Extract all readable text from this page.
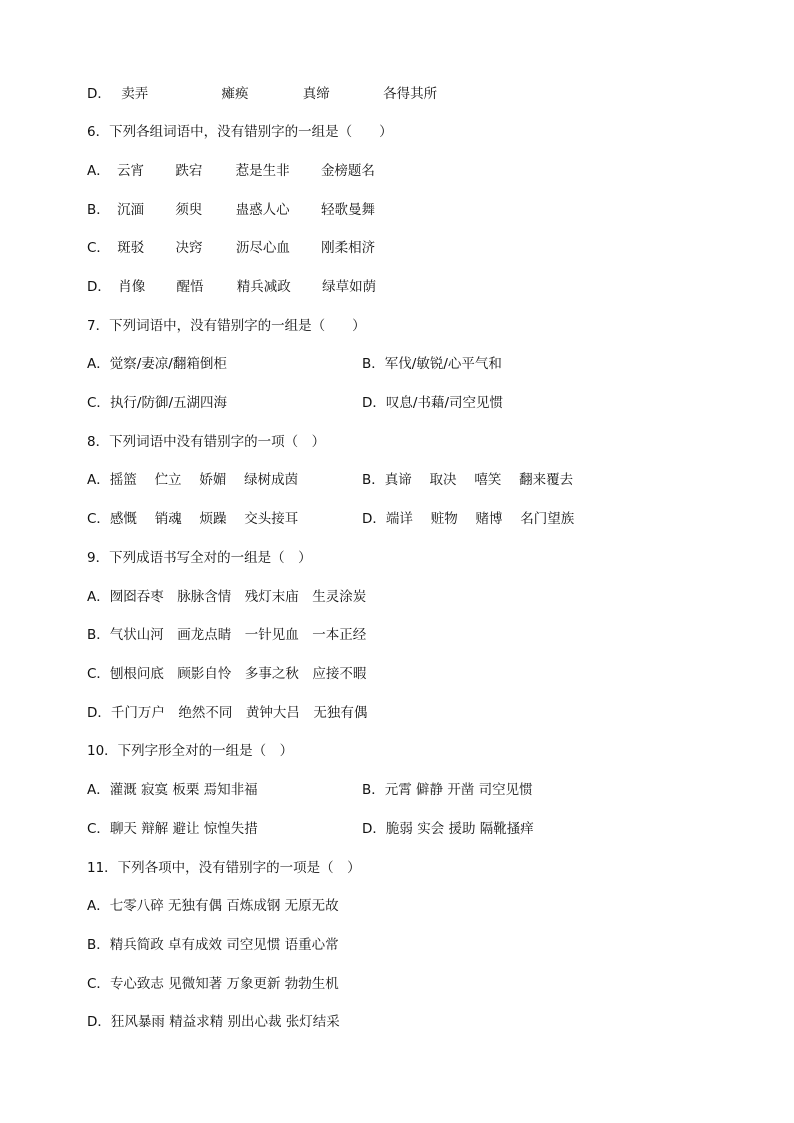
D． 卖弄	瘫痪	真缔	各得其所
6．下列各组词语中，没有错别字的一组是（　　）
A． 云宵 跌宕 惹是生非 金榜题名
B． 沉湎 须臾 蛊惑人心 轻歌曼舞
C． 斑驳 决窍 沥尽心血 刚柔相济
D． 肖像 醒悟 精兵减政 绿草如荫
7．下列词语中，没有错别字的一组是（　　）
A．觉察/妻凉/翻箱倒柜	B．军伐/敏锐/心平气和
C．执行/防御/五湖四海	D．叹息/书藉/司空见惯
8．下列词语中没有错别字的一项（　）
A．摇篮　 伫立　 娇媚　 绿树成茵	B．真谛　 取决　 嘻笑　 翻来覆去
C．感慨　 销魂　 烦躁　 交头接耳	D．端详　 赃物　 赌博　 名门望族
9．下列成语书写全对的一组是（　）
A．囫囵吞枣　脉脉含情　残灯末庙　生灵涂炭
B．气状山河　画龙点睛　一针见血　一本正经
C．刨根问底　顾影自怜　多事之秋　应接不暇
D．千门万户　绝然不同　黄钟大吕　无独有偶
10．下列字形全对的一组是（　）
A．灌溉 寂寞 板栗 焉知非福	B．元霄 僻静 开凿 司空见惯
C．聊天 辩解 避让 惊惶失措	D．脆弱 实会 援助 隔靴搔痒
11．下列各项中，没有错别字的一项是（　）
A．七零八碎 无独有偶 百炼成钢 无原无故
B．精兵简政 卓有成效 司空见惯 语重心常
C．专心致志 见微知著 万象更新 勃勃生机
D．狂风暴雨 精益求精 别出心裁 张灯结采
